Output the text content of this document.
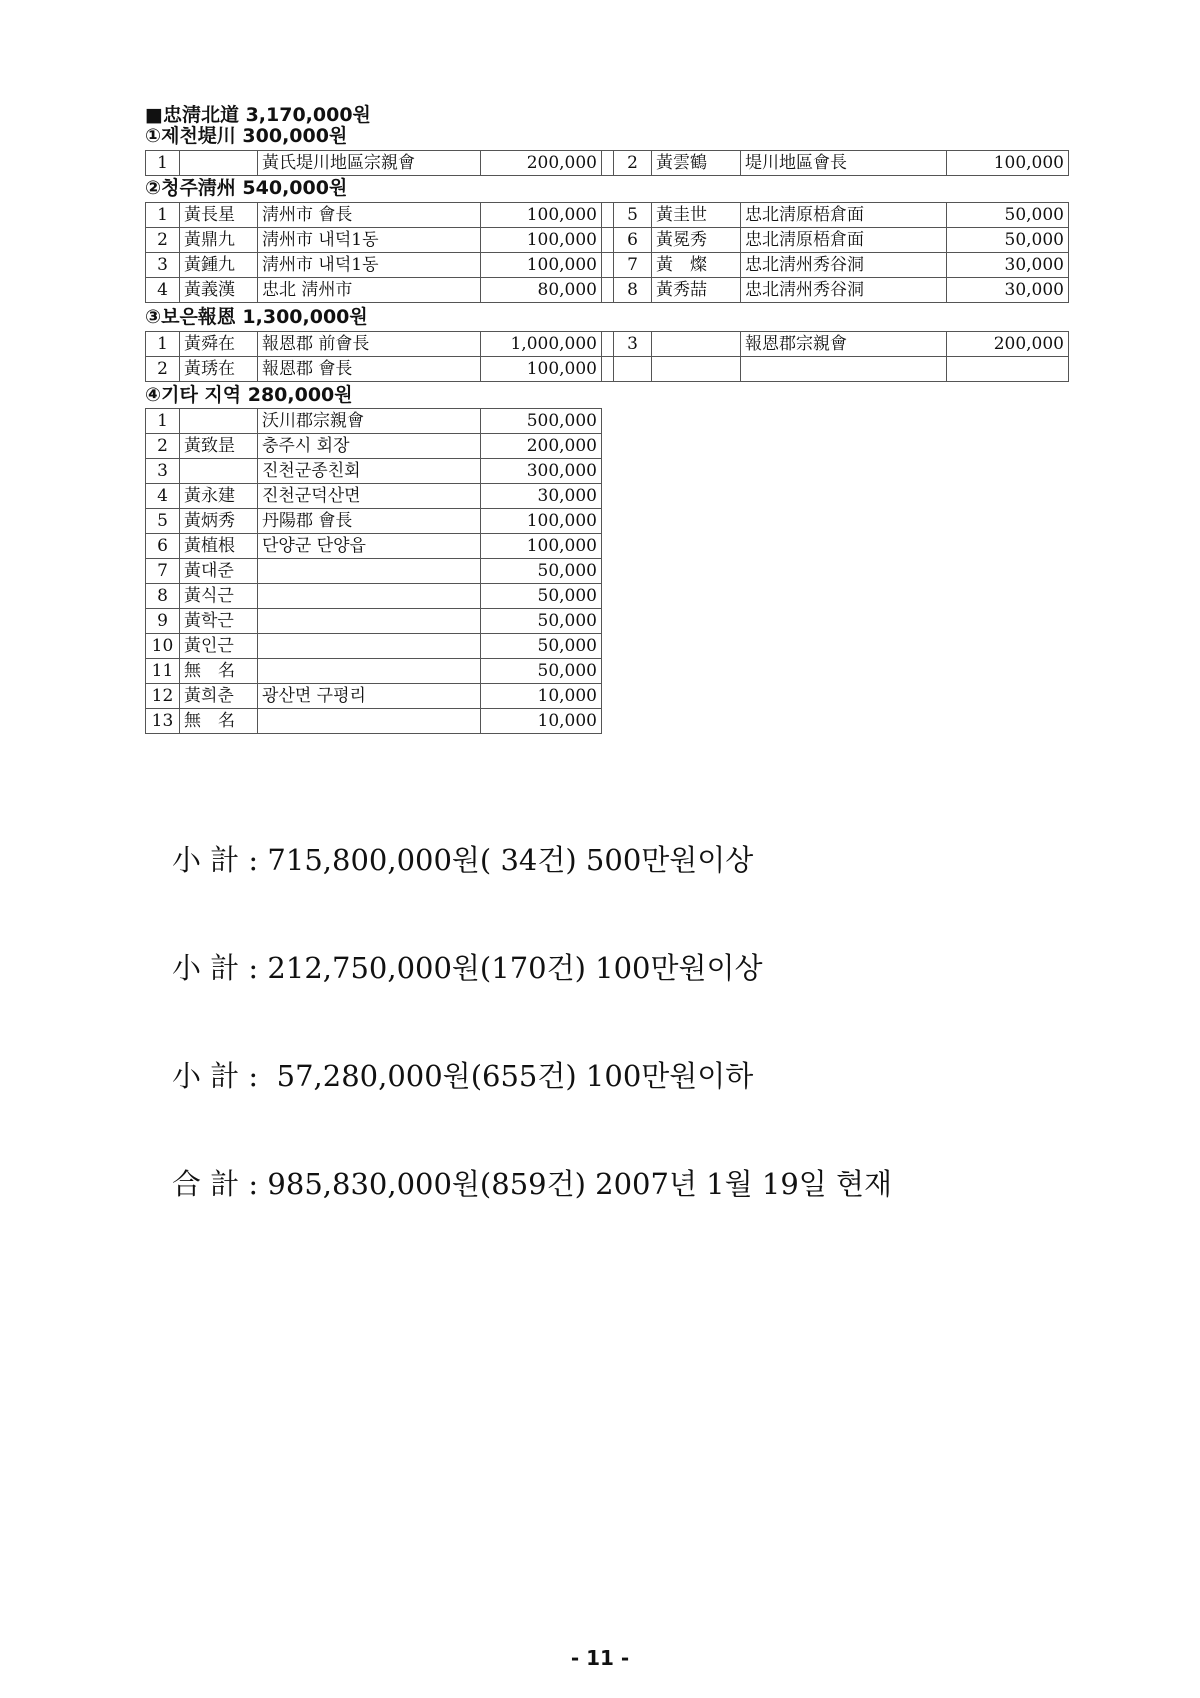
■忠淸北道 3,170,000원
①제천堤川 300,000원
1		黃氏堤川地區宗親會	200,000		2	黃雲鶴	堤川地區會長	100,000
②청주淸州 540,000원
1	黃長星	淸州市 會長	100,000		5	黃圭世	忠北淸原梧倉面	50,000
2	黃鼎九	淸州市 내덕1동	100,000		6	黃冕秀	忠北淸原梧倉面	50,000
3	黃鍾九	淸州市 내덕1동	100,000		7	黃　燦	忠北淸州秀谷洞	30,000
4	黃義漢	忠北 淸州市	80,000		8	黃秀喆	忠北淸州秀谷洞	30,000
③보은報恩 1,300,000원
1	黃舜在	報恩郡 前會長	1,000,000		3		報恩郡宗親會	200,000
2	黃琇在	報恩郡 會長	100,000					
④기타 지역 280,000원
1		沃川郡宗親會	500,000
2	黃致昰	충주시 회장	200,000
3		진천군종친회	300,000
4	黃永建	진천군덕산면	30,000
5	黃炳秀	丹陽郡 會長	100,000
6	黃植根	단양군 단양읍	100,000
7	黃대준		50,000
8	黃식근		50,000
9	黃학근		50,000
10	黃인근		50,000
11	無　名		50,000
12	黃희춘	광산면 구평리	10,000
13	無　名		10,000

小 計 : 715,800,000원( 34건) 500만원이상

小 計 : 212,750,000원(170건) 100만원이상

小 計 :  57,280,000원(655건) 100만원이하

合 計 : 985,830,000원(859건) 2007년 1월 19일 현재

- 11 -
